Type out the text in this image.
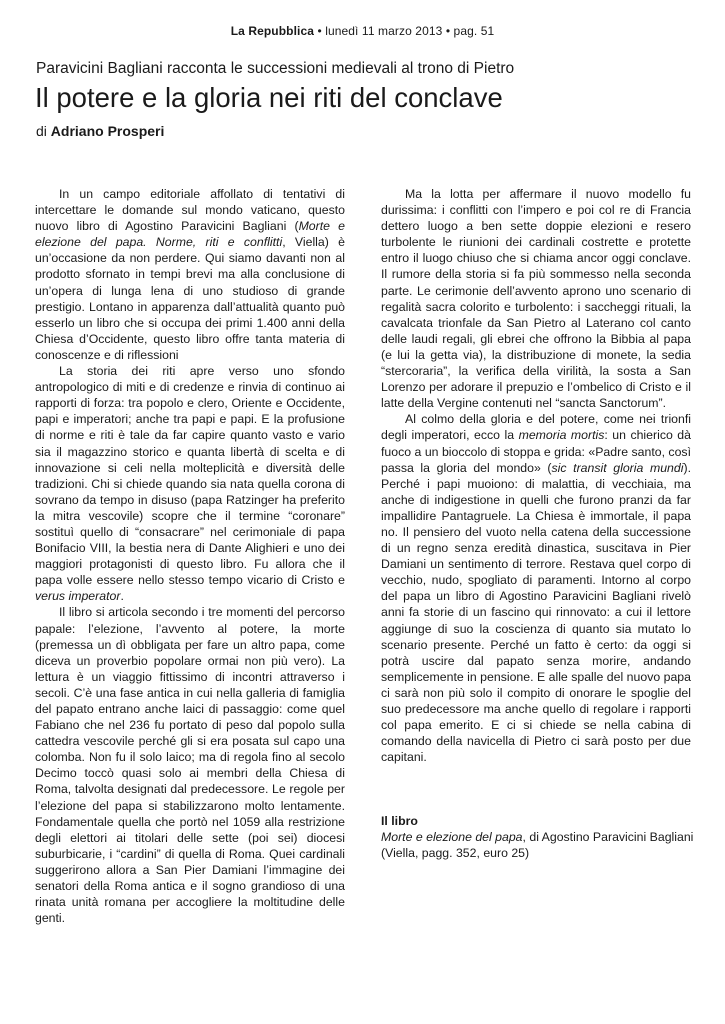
La Repubblica • lunedì 11 marzo 2013 • pag. 51
Paravicini Bagliani racconta le successioni medievali al trono di Pietro
Il potere e la gloria nei riti del conclave
di Adriano Prosperi

In un campo editoriale affollato di tentativi di intercettare le domande sul mondo vaticano, questo nuovo libro di Agostino Paravicini Bagliani (Morte e elezione del papa. Norme, riti e conflitti, Viella) è un’occasione da non perdere. Qui siamo davanti non al prodotto sfornato in tempi brevi ma alla conclusione di un’opera di lunga lena di uno studioso di grande prestigio. Lontano in apparenza dall’attualità quanto può esserlo un libro che si occupa dei primi 1.400 anni della Chiesa d’Occidente, questo libro offre tanta materia di conoscenze e di riflessioni

La storia dei riti apre verso uno sfondo antropologico di miti e di credenze e rinvia di continuo ai rapporti di forza: tra popolo e clero, Oriente e Occidente, papi e imperatori; anche tra papi e papi. E la profusione di norme e riti è tale da far capire quanto vasto e vario sia il magazzino storico e quanta libertà di scelta e di innovazione si celi nella molteplicità e diversità delle tradizioni. Chi si chiede quando sia nata quella corona di sovrano da tempo in disuso (papa Ratzinger ha preferito la mitra vescovile) scopre che il termine “coronare” sostituì quello di “consacrare” nel cerimoniale di papa Bonifacio VIII, la bestia nera di Dante Alighieri e uno dei maggiori protagonisti di questo libro. Fu allora che il papa volle essere nello stesso tempo vicario di Cristo e verus imperator.

Il libro si articola secondo i tre momenti del percorso papale: l’elezione, l’avvento al potere, la morte (premessa un dì obbligata per fare un altro papa, come diceva un proverbio popolare ormai non più vero). La lettura è un viaggio fittissimo di incontri attraverso i secoli. C’è una fase antica in cui nella galleria di famiglia del papato entrano anche laici di passaggio: come quel Fabiano che nel 236 fu portato di peso dal popolo sulla cattedra vescovile perché gli si era posata sul capo una colomba. Non fu il solo laico; ma di regola fino al secolo Decimo toccò quasi solo ai membri della Chiesa di Roma, talvolta designati dal predecessore. Le regole per l’elezione del papa si stabilizzarono molto lentamente. Fondamentale quella che portò nel 1059 alla restrizione degli elettori ai titolari delle sette (poi sei) diocesi suburbicarie, i “cardini” di quella di Roma. Quei cardinali suggerirono allora a San Pier Damiani l’immagine dei senatori della Roma antica e il sogno grandioso di una rinata unità romana per accogliere la moltitudine delle genti.

Ma la lotta per affermare il nuovo modello fu durissima: i conflitti con l’impero e poi col re di Francia dettero luogo a ben sette doppie elezioni e resero turbolente le riunioni dei cardinali costrette e protette entro il luogo chiuso che si chiama ancor oggi conclave. Il rumore della storia si fa più sommesso nella seconda parte. Le cerimonie dell’avvento aprono uno scenario di regalità sacra colorito e turbolento: i saccheggi rituali, la cavalcata trionfale da San Pietro al Laterano col canto delle laudi regali, gli ebrei che offrono la Bibbia al papa (e lui la getta via), la distribuzione di monete, la sedia “stercoraria”, la verifica della virilità, la sosta a San Lorenzo per adorare il prepuzio e l’ombelico di Cristo e il latte della Vergine contenuti nel “sancta Sanctorum”.

Al colmo della gloria e del potere, come nei trionfi degli imperatori, ecco la memoria mortis: un chierico dà fuoco a un bioccolo di stoppa e grida: «Padre santo, così passa la gloria del mondo» (sic transit gloria mundi). Perché i papi muoiono: di malattia, di vecchiaia, ma anche di indigestione in quelli che furono pranzi da far impallidire Pantagruele. La Chiesa è immortale, il papa no. Il pensiero del vuoto nella catena della successione di un regno senza eredità dinastica, suscitava in Pier Damiani un sentimento di terrore. Restava quel corpo di vecchio, nudo, spogliato di paramenti. Intorno al corpo del papa un libro di Agostino Paravicini Bagliani rivelò anni fa storie di un fascino qui rinnovato: a cui il lettore aggiunge di suo la coscienza di quanto sia mutato lo scenario presente. Perché un fatto è certo: da oggi si potrà uscire dal papato senza morire, andando semplicemente in pensione. E alle spalle del nuovo papa ci sarà non più solo il compito di onorare le spoglie del suo predecessore ma anche quello di regolare i rapporti col papa emerito. E ci si chiede se nella cabina di comando della navicella di Pietro ci sarà posto per due capitani.

Il libro
Morte e elezione del papa, di Agostino Paravicini Bagliani (Viella, pagg. 352, euro 25)
